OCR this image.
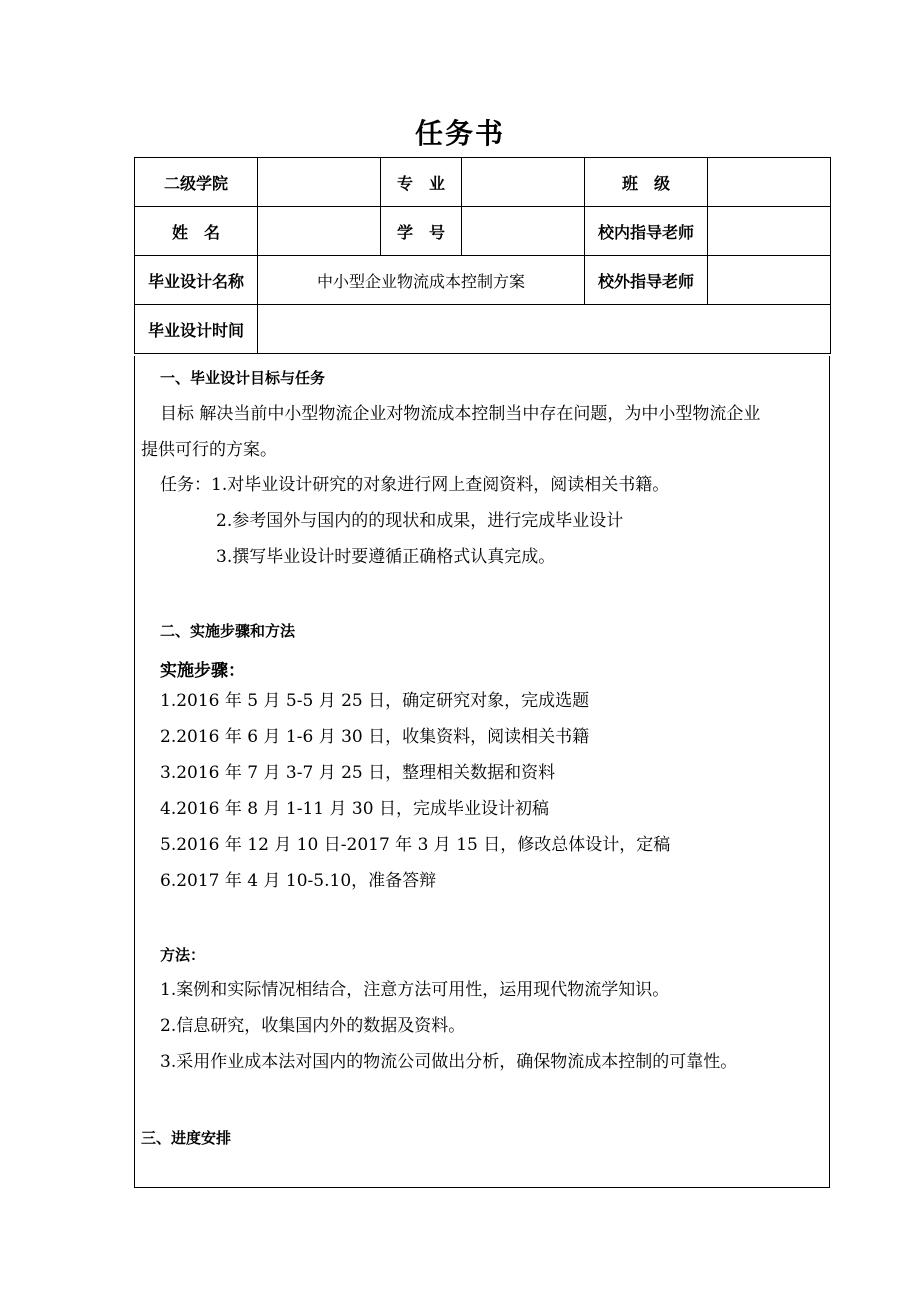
任务书
二级学院		专　业		班　级	
姓　名		学　号		校内指导老师	
毕业设计名称	中小型企业物流成本控制方案			校外指导老师	
毕业设计时间					
一、毕业设计目标与任务
目标 解决当前中小型物流企业对物流成本控制当中存在问题，为中小型物流企业
提供可行的方案。
任务：1.对毕业设计研究的对象进行网上查阅资料，阅读相关书籍。
2.参考国外与国内的的现状和成果，进行完成毕业设计
3.撰写毕业设计时要遵循正确格式认真完成。
二、实施步骤和方法
实施步骤：
1.2016 年 5 月 5-5 月 25 日，确定研究对象，完成选题
2.2016 年 6 月 1-6 月 30 日，收集资料，阅读相关书籍
3.2016 年 7 月 3-7 月 25 日，整理相关数据和资料
4.2016 年 8 月 1-11 月 30 日，完成毕业设计初稿
5.2016 年 12 月 10 日-2017 年 3 月 15 日，修改总体设计，定稿
6.2017 年 4 月 10-5.10，准备答辩
方法：
1.案例和实际情况相结合，注意方法可用性，运用现代物流学知识。
2.信息研究，收集国内外的数据及资料。
3.采用作业成本法对国内的物流公司做出分析，确保物流成本控制的可靠性。
三、进度安排
